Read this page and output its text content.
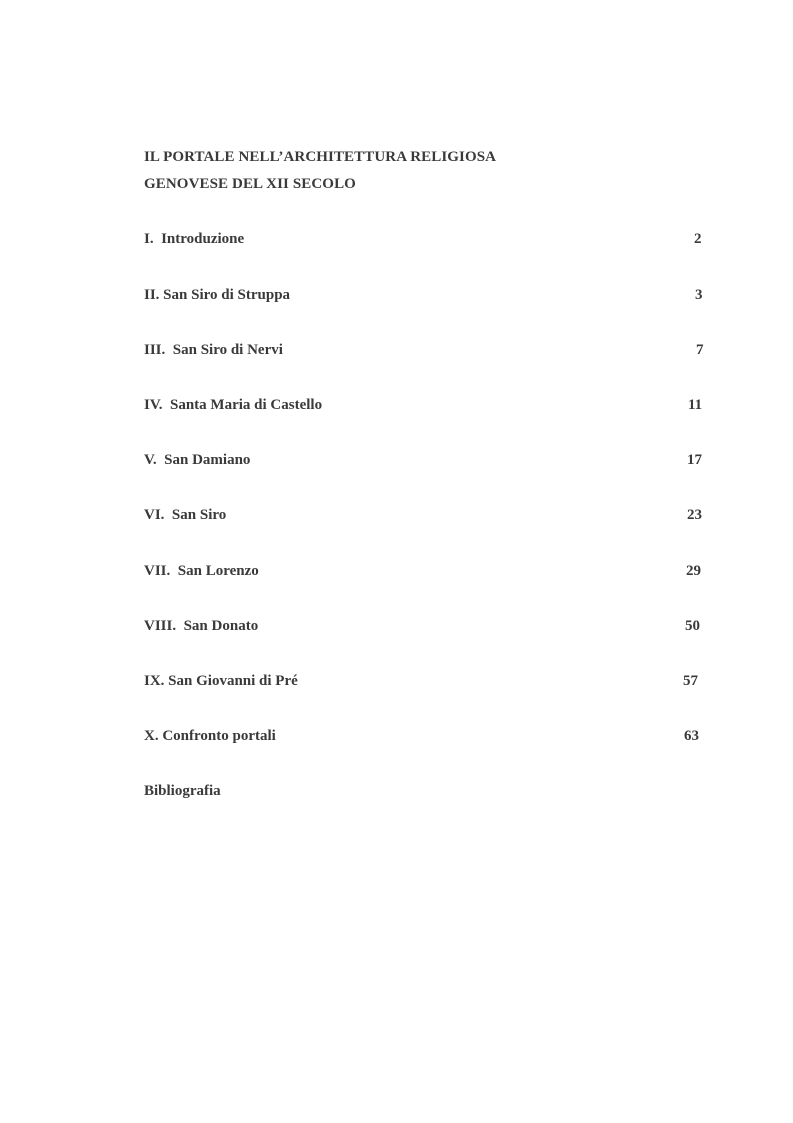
IL PORTALE NELL’ARCHITETTURA RELIGIOSA
GENOVESE DEL XII SECOLO
I.  Introduzione	2
II. San Siro di Struppa	3
III.  San Siro di Nervi	7
IV.  Santa Maria di Castello	11
V.  San Damiano	17
VI.  San Siro	23
VII.  San Lorenzo	29
VIII.  San Donato	50
IX. San Giovanni di Pré	57
X. Confronto portali	63
Bibliografia
